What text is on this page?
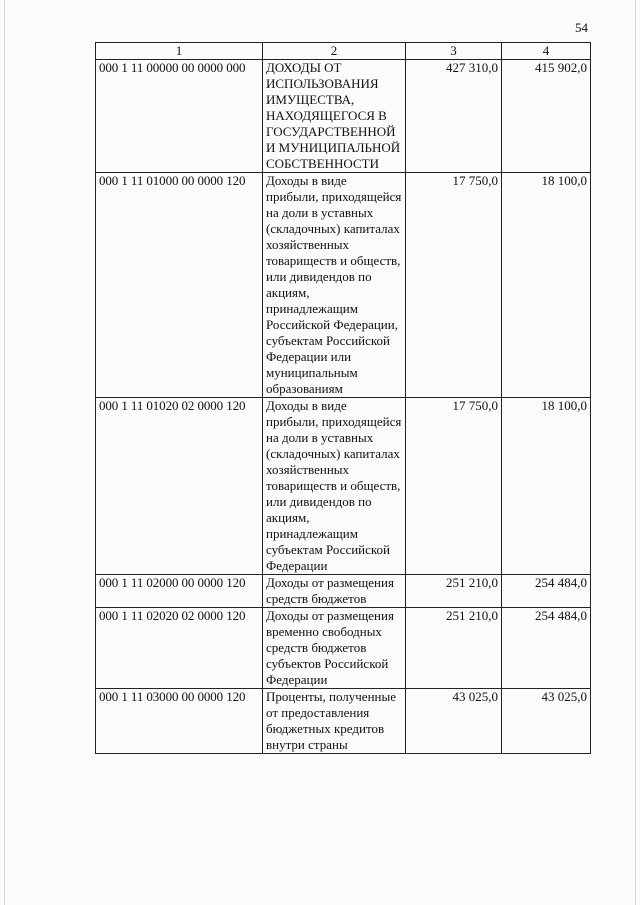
54
1	2	3	4
000 1 11 00000 00 0000 000	ДОХОДЫ ОТ ИСПОЛЬЗОВАНИЯ ИМУЩЕСТВА, НАХОДЯЩЕГОСЯ В ГОСУДАРСТВЕННОЙ И МУНИЦИПАЛЬНОЙ СОБСТВЕННОСТИ	427 310,0	415 902,0
000 1 11 01000 00 0000 120	Доходы в виде прибыли, приходящейся на доли в уставных (складочных) капиталах хозяйственных товариществ и обществ, или дивидендов по акциям, принадлежащим Российской Федерации, субъектам Российской Федерации или муниципальным образованиям	17 750,0	18 100,0
000 1 11 01020 02 0000 120	Доходы в виде прибыли, приходящейся на доли в уставных (складочных) капиталах хозяйственных товариществ и обществ, или дивидендов по акциям, принадлежащим субъектам Российской Федерации	17 750,0	18 100,0
000 1 11 02000 00 0000 120	Доходы от размещения средств бюджетов	251 210,0	254 484,0
000 1 11 02020 02 0000 120	Доходы от размещения временно свободных средств бюджетов субъектов Российской Федерации	251 210,0	254 484,0
000 1 11 03000 00 0000 120	Проценты, полученные от предоставления бюджетных кредитов внутри страны	43 025,0	43 025,0
